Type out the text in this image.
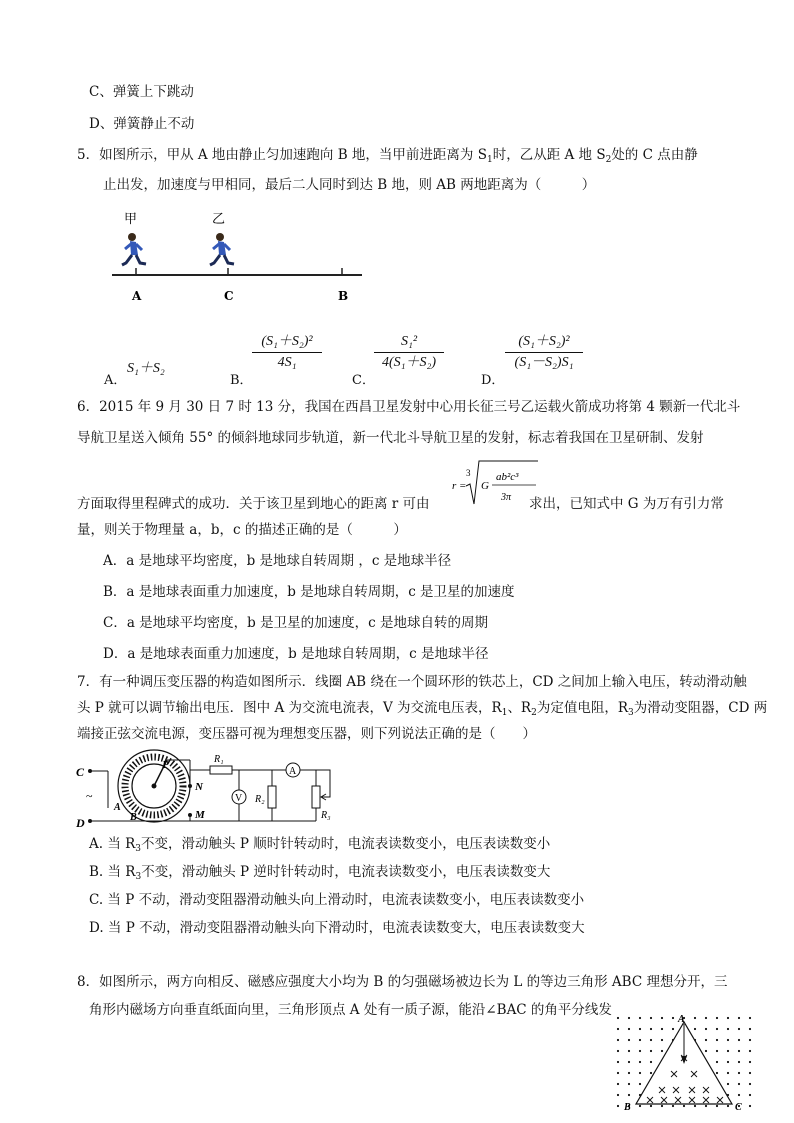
C、弹簧上下跳动
D、弹簧静止不动
5．如图所示，甲从 A 地由静止匀加速跑向 B 地，当甲前进距离为 $S_1$时，乙从距 A 地 $S_2$处的 C 点由静
止出发，加速度与甲相同，最后二人同时到达 B 地，则 AB 两地距离为（　　　）
甲	乙
A	C	B
A．
S₁＋S₂
B．
(S₁＋S₂)²
4S₁
C．
S₁²
4(S₁＋S₂)
D．
(S₁＋S₂)²
(S₁－S₂)S₁
6．2015 年 9 月 30 日 7 时 13 分，我国在西昌卫星发射中心用长征三号乙运载火箭成功将第 4 颗新一代北斗
导航卫星送入倾角 55° 的倾斜地球同步轨道，新一代北斗导航卫星的发射，标志着我国在卫星研制、发射
方面取得里程碑式的成功．关于该卫星到地心的距离 r 可由
r =
3
G
ab²c³
3π 求出，已知式中 G 为万有引力常
量，则关于物理量 a，b，c 的描述正确的是（　　　）
A．a 是地球平均密度，b 是地球自转周期 ，c 是地球半径
B．a 是地球表面重力加速度，b 是地球自转周期，c 是卫星的加速度
C．a 是地球平均密度，b 是卫星的加速度，c 是地球自转的周期
D．a 是地球表面重力加速度，b 是地球自转周期，c 是地球半径
7．有一种调压变压器的构造如图所示．线圈 AB 绕在一个圆环形的铁芯上，CD 之间加上输入电压，转动滑动触
头 P 就可以调节输出电压．图中 A 为交流电流表，V 为交流电压表，$R_1$、$R_2$为定值电阻，$R_3$为滑动变阻器，CD 两
端接正弦交流电源，变压器可视为理想变压器，则下列说法正确的是（　　）
C
D
~
P
A
B
N
M
R₁
V R₂
A
R₃
A. 当 $R_3$不变，滑动触头 P 顺时针转动时，电流表读数变小，电压表读数变小
B. 当 $R_3$不变，滑动触头 P 逆时针转动时，电流表读数变小，电压表读数变大
C. 当 P 不动，滑动变阻器滑动触头向上滑动时，电流表读数变小，电压表读数变小
D. 当 P 不动，滑动变阻器滑动触头向下滑动时，电流表读数变大，电压表读数变大
8．如图所示，两方向相反、磁感应强度大小均为 B 的匀强磁场被边长为 L 的等边三角形 ABC 理想分开，三
角形内磁场方向垂直纸面向里，三角形顶点 A 处有一质子源，能沿∠BAC 的角平分线发
A
B	C
